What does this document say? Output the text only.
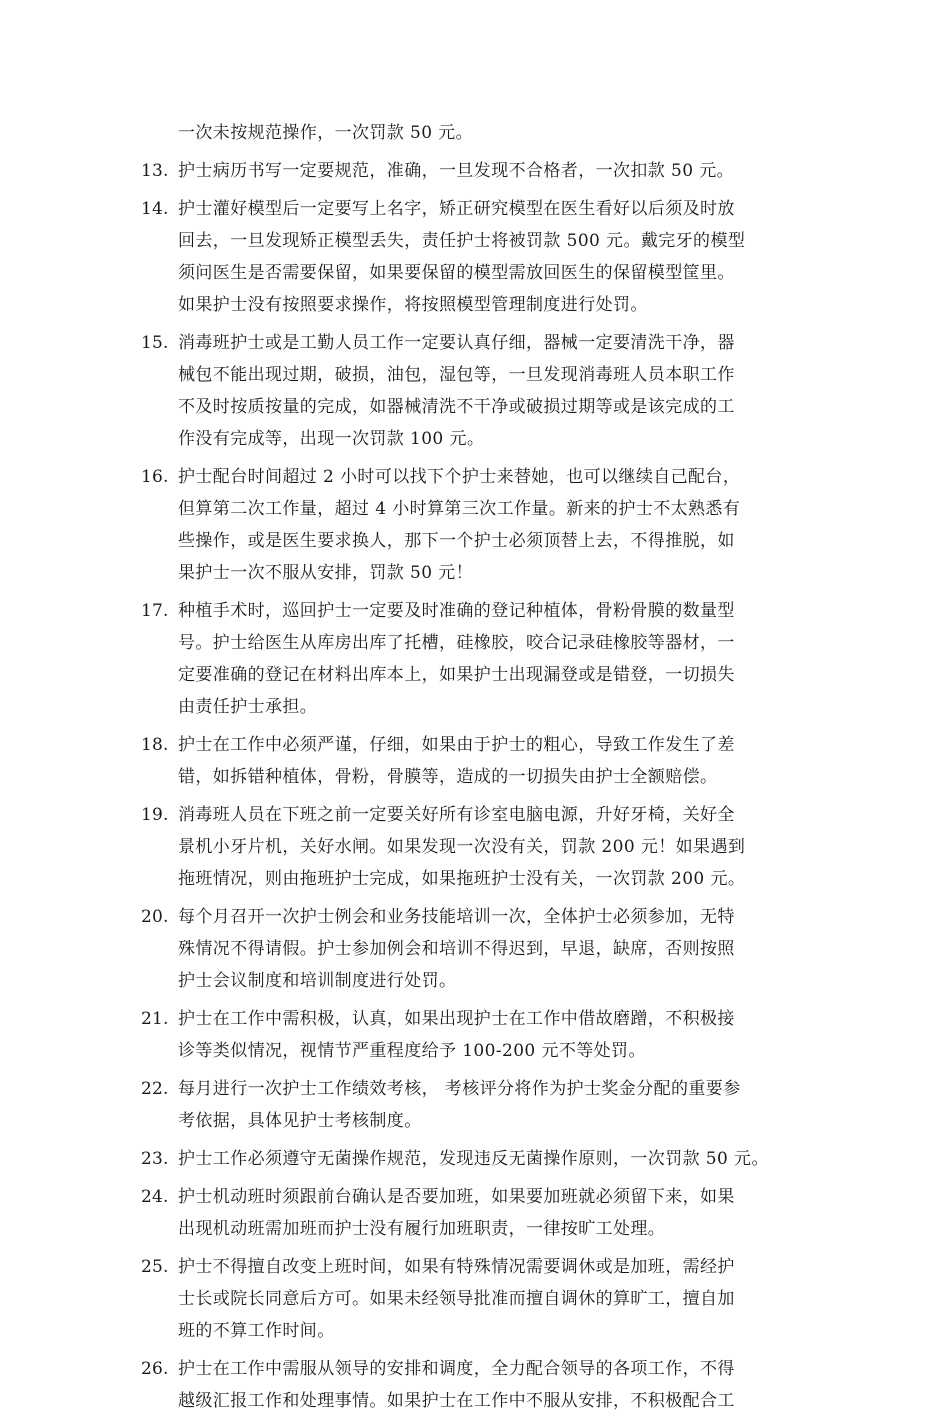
一次未按规范操作，一次罚款 50 元。
13. 护士病历书写一定要规范，准确，一旦发现不合格者，一次扣款 50 元。
14. 护士灌好模型后一定要写上名字，矫正研究模型在医生看好以后须及时放
回去，一旦发现矫正模型丢失，责任护士将被罚款 500 元。戴完牙的模型
须问医生是否需要保留，如果要保留的模型需放回医生的保留模型筐里。
如果护士没有按照要求操作，将按照模型管理制度进行处罚。
15. 消毒班护士或是工勤人员工作一定要认真仔细，器械一定要清洗干净，器
械包不能出现过期，破损，油包，湿包等，一旦发现消毒班人员本职工作
不及时按质按量的完成，如器械清洗不干净或破损过期等或是该完成的工
作没有完成等，出现一次罚款 100 元。
16. 护士配台时间超过 2 小时可以找下个护士来替她，也可以继续自己配台，
但算第二次工作量，超过 4 小时算第三次工作量。新来的护士不太熟悉有
些操作，或是医生要求换人，那下一个护士必须顶替上去，不得推脱，如
果护士一次不服从安排，罚款 50 元！
17. 种植手术时，巡回护士一定要及时准确的登记种植体，骨粉骨膜的数量型
号。护士给医生从库房出库了托槽，硅橡胶，咬合记录硅橡胶等器材，一
定要准确的登记在材料出库本上，如果护士出现漏登或是错登，一切损失
由责任护士承担。
18. 护士在工作中必须严谨，仔细，如果由于护士的粗心，导致工作发生了差
错，如拆错种植体，骨粉，骨膜等，造成的一切损失由护士全额赔偿。
19. 消毒班人员在下班之前一定要关好所有诊室电脑电源，升好牙椅，关好全
景机小牙片机，关好水闸。如果发现一次没有关，罚款 200 元！如果遇到
拖班情况，则由拖班护士完成，如果拖班护士没有关，一次罚款 200 元。
20. 每个月召开一次护士例会和业务技能培训一次，全体护士必须参加，无特
殊情况不得请假。护士参加例会和培训不得迟到，早退，缺席，否则按照
护士会议制度和培训制度进行处罚。
21. 护士在工作中需积极，认真，如果出现护士在工作中借故磨蹭，不积极接
诊等类似情况，视情节严重程度给予 100-200 元不等处罚。
22. 每月进行一次护士工作绩效考核， 考核评分将作为护士奖金分配的重要参
考依据，具体见护士考核制度。
23. 护士工作必须遵守无菌操作规范，发现违反无菌操作原则，一次罚款 50 元。
24. 护士机动班时须跟前台确认是否要加班，如果要加班就必须留下来，如果
出现机动班需加班而护士没有履行加班职责，一律按旷工处理。
25. 护士不得擅自改变上班时间，如果有特殊情况需要调休或是加班，需经护
士长或院长同意后方可。如果未经领导批准而擅自调休的算旷工，擅自加
班的不算工作时间。
26. 护士在工作中需服从领导的安排和调度，全力配合领导的各项工作，不得
越级汇报工作和处理事情。如果护士在工作中不服从安排，不积极配合工
